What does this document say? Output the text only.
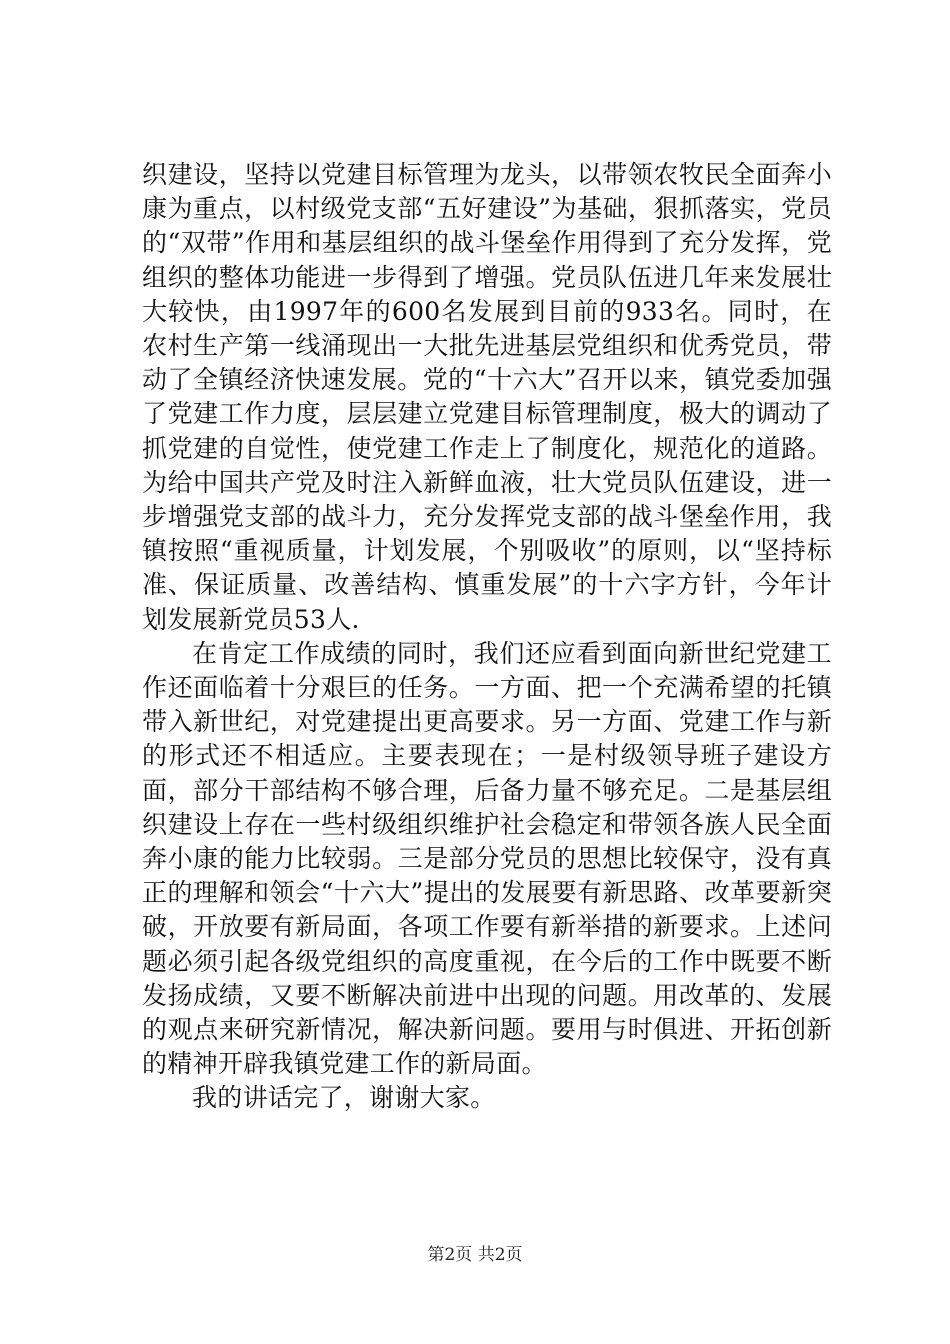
织建设，坚持以党建目标管理为龙头，以带领农牧民全面奔小康为重点，以村级党支部“五好建设”为基础，狠抓落实，党员的“双带”作用和基层组织的战斗堡垒作用得到了充分发挥，党组织的整体功能进一步得到了增强。党员队伍进几年来发展壮大较快，由1997年的600名发展到目前的933名。同时，在农村生产第一线涌现出一大批先进基层党组织和优秀党员，带动了全镇经济快速发展。党的“十六大”召开以来，镇党委加强了党建工作力度，层层建立党建目标管理制度，极大的调动了抓党建的自觉性，使党建工作走上了制度化，规范化的道路。为给中国共产党及时注入新鲜血液，壮大党员队伍建设，进一步增强党支部的战斗力，充分发挥党支部的战斗堡垒作用，我镇按照“重视质量，计划发展，个别吸收”的原则，以“坚持标准、保证质量、改善结构、慎重发展”的十六字方针，今年计划发展新党员53人.

在肯定工作成绩的同时，我们还应看到面向新世纪党建工作还面临着十分艰巨的任务。一方面、把一个充满希望的托镇带入新世纪，对党建提出更高要求。另一方面、党建工作与新的形式还不相适应。主要表现在；一是村级领导班子建设方面，部分干部结构不够合理，后备力量不够充足。二是基层组织建设上存在一些村级组织维护社会稳定和带领各族人民全面奔小康的能力比较弱。三是部分党员的思想比较保守，没有真正的理解和领会“十六大”提出的发展要有新思路、改革要新突破，开放要有新局面，各项工作要有新举措的新要求。上述问题必须引起各级党组织的高度重视，在今后的工作中既要不断发扬成绩，又要不断解决前进中出现的问题。用改革的、发展的观点来研究新情况，解决新问题。要用与时俱进、开拓创新的精神开辟我镇党建工作的新局面。

我的讲话完了，谢谢大家。

第2页 共2页
